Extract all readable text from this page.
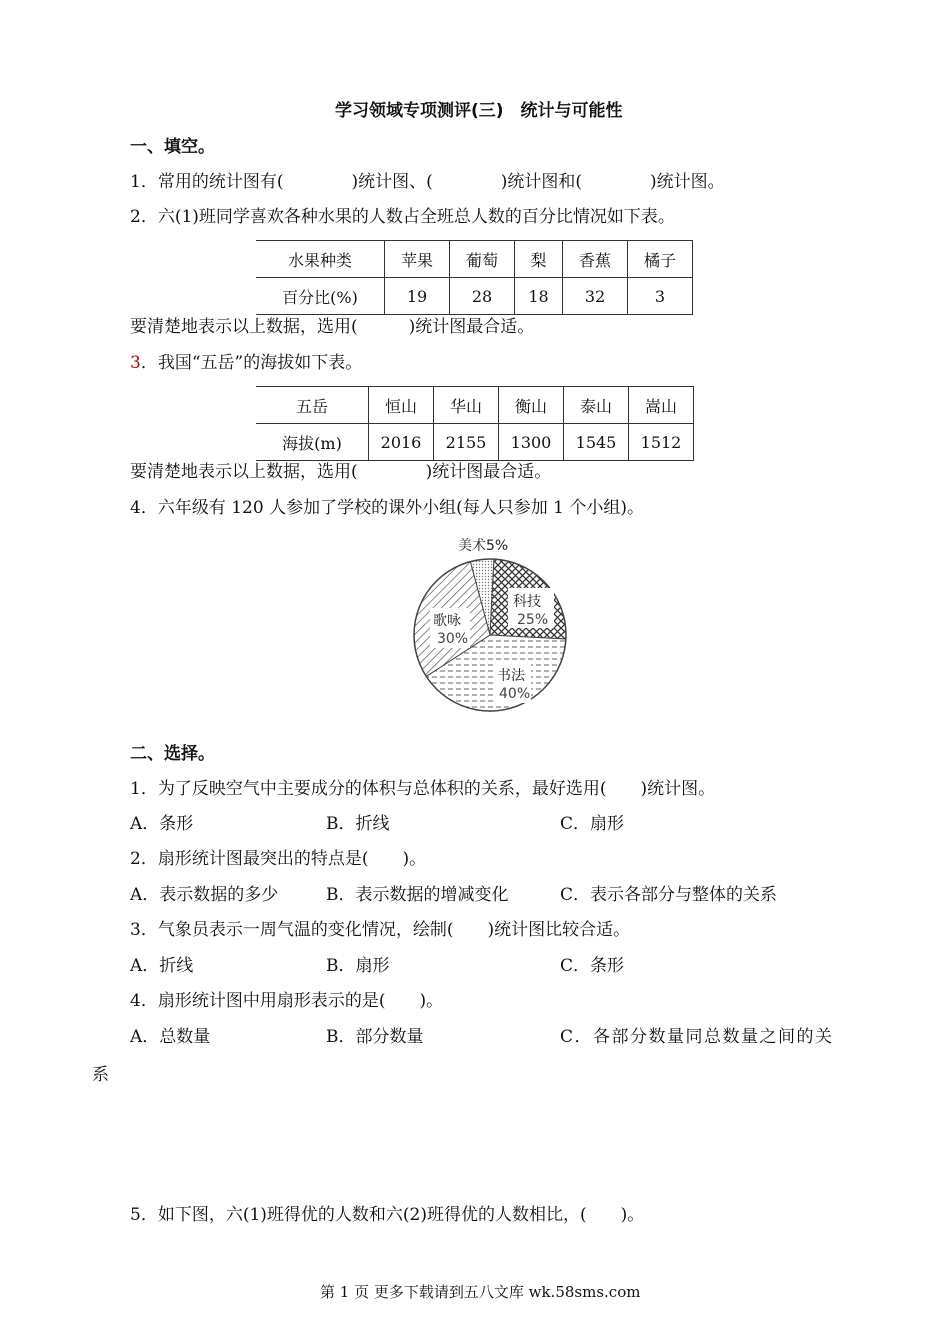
学习领域专项测评(三)　统计与可能性
一、填空。
1．常用的统计图有(　　　　)统计图、(　　　　)统计图和(　　　　)统计图。
2．六(1)班同学喜欢各种水果的人数占全班总人数的百分比情况如下表。
水果种类	苹果	葡萄	梨	香蕉	橘子
百分比(%)	19	28	18	32	3
要清楚地表示以上数据，选用(　　　)统计图最合适。
3．我国“五岳”的海拔如下表。
五岳	恒山	华山	衡山	泰山	嵩山
海拔(m)	2016	2155	1300	1545	1512
要清楚地表示以上数据，选用(　　　　)统计图最合适。
4．六年级有 120 人参加了学校的课外小组(每人只参加 1 个小组)。
美术5%
科技
25%
歌咏
30%
书法
40%
二、选择。
1．为了反映空气中主要成分的体积与总体积的关系，最好选用(　　)统计图。
A．条形	B．折线	C．扇形
2．扇形统计图最突出的特点是(　　)。
A．表示数据的多少	B．表示数据的增减变化	C．表示各部分与整体的关系
3．气象员表示一周气温的变化情况，绘制(　　)统计图比较合适。
A．折线	B．扇形	C．条形
4．扇形统计图中用扇形表示的是(　　)。
A．总数量	B．部分数量	C．各部分数量同总数量之间的关
系
5．如下图，六(1)班得优的人数和六(2)班得优的人数相比，(　　)。
第 1 页 更多下载请到五八文库 wk.58sms.com
